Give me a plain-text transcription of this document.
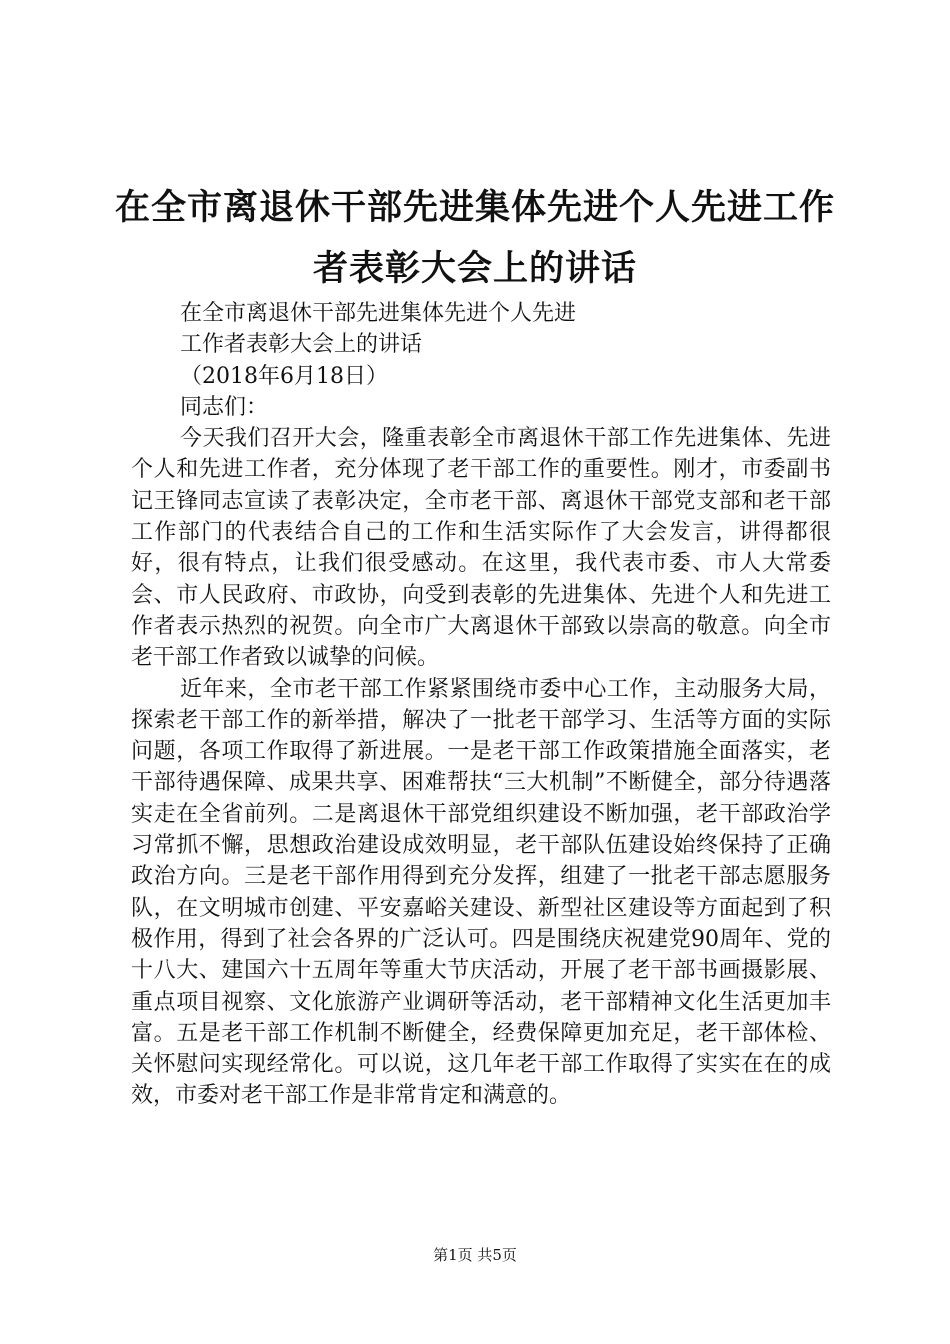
在全市离退休干部先进集体先进个人先进工作
者表彰大会上的讲话
在全市离退休干部先进集体先进个人先进
工作者表彰大会上的讲话
（2018年6月18日）
同志们：

今天我们召开大会，隆重表彰全市离退休干部工作先进集体、先进个人和先进工作者，充分体现了老干部工作的重要性。刚才，市委副书记王锋同志宣读了表彰决定，全市老干部、离退休干部党支部和老干部工作部门的代表结合自己的工作和生活实际作了大会发言，讲得都很好，很有特点，让我们很受感动。在这里，我代表市委、市人大常委会、市人民政府、市政协，向受到表彰的先进集体、先进个人和先进工作者表示热烈的祝贺。向全市广大离退休干部致以崇高的敬意。向全市老干部工作者致以诚挚的问候。

近年来，全市老干部工作紧紧围绕市委中心工作，主动服务大局，探索老干部工作的新举措，解决了一批老干部学习、生活等方面的实际问题，各项工作取得了新进展。一是老干部工作政策措施全面落实，老干部待遇保障、成果共享、困难帮扶“三大机制”不断健全，部分待遇落实走在全省前列。二是离退休干部党组织建设不断加强，老干部政治学习常抓不懈，思想政治建设成效明显，老干部队伍建设始终保持了正确政治方向。三是老干部作用得到充分发挥，组建了一批老干部志愿服务队，在文明城市创建、平安嘉峪关建设、新型社区建设等方面起到了积极作用，得到了社会各界的广泛认可。四是围绕庆祝建党90周年、党的十八大、建国六十五周年等重大节庆活动，开展了老干部书画摄影展、重点项目视察、文化旅游产业调研等活动，老干部精神文化生活更加丰富。五是老干部工作机制不断健全，经费保障更加充足，老干部体检、关怀慰问实现经常化。可以说，这几年老干部工作取得了实实在在的成效，市委对老干部工作是非常肯定和满意的。

第1页 共5页
